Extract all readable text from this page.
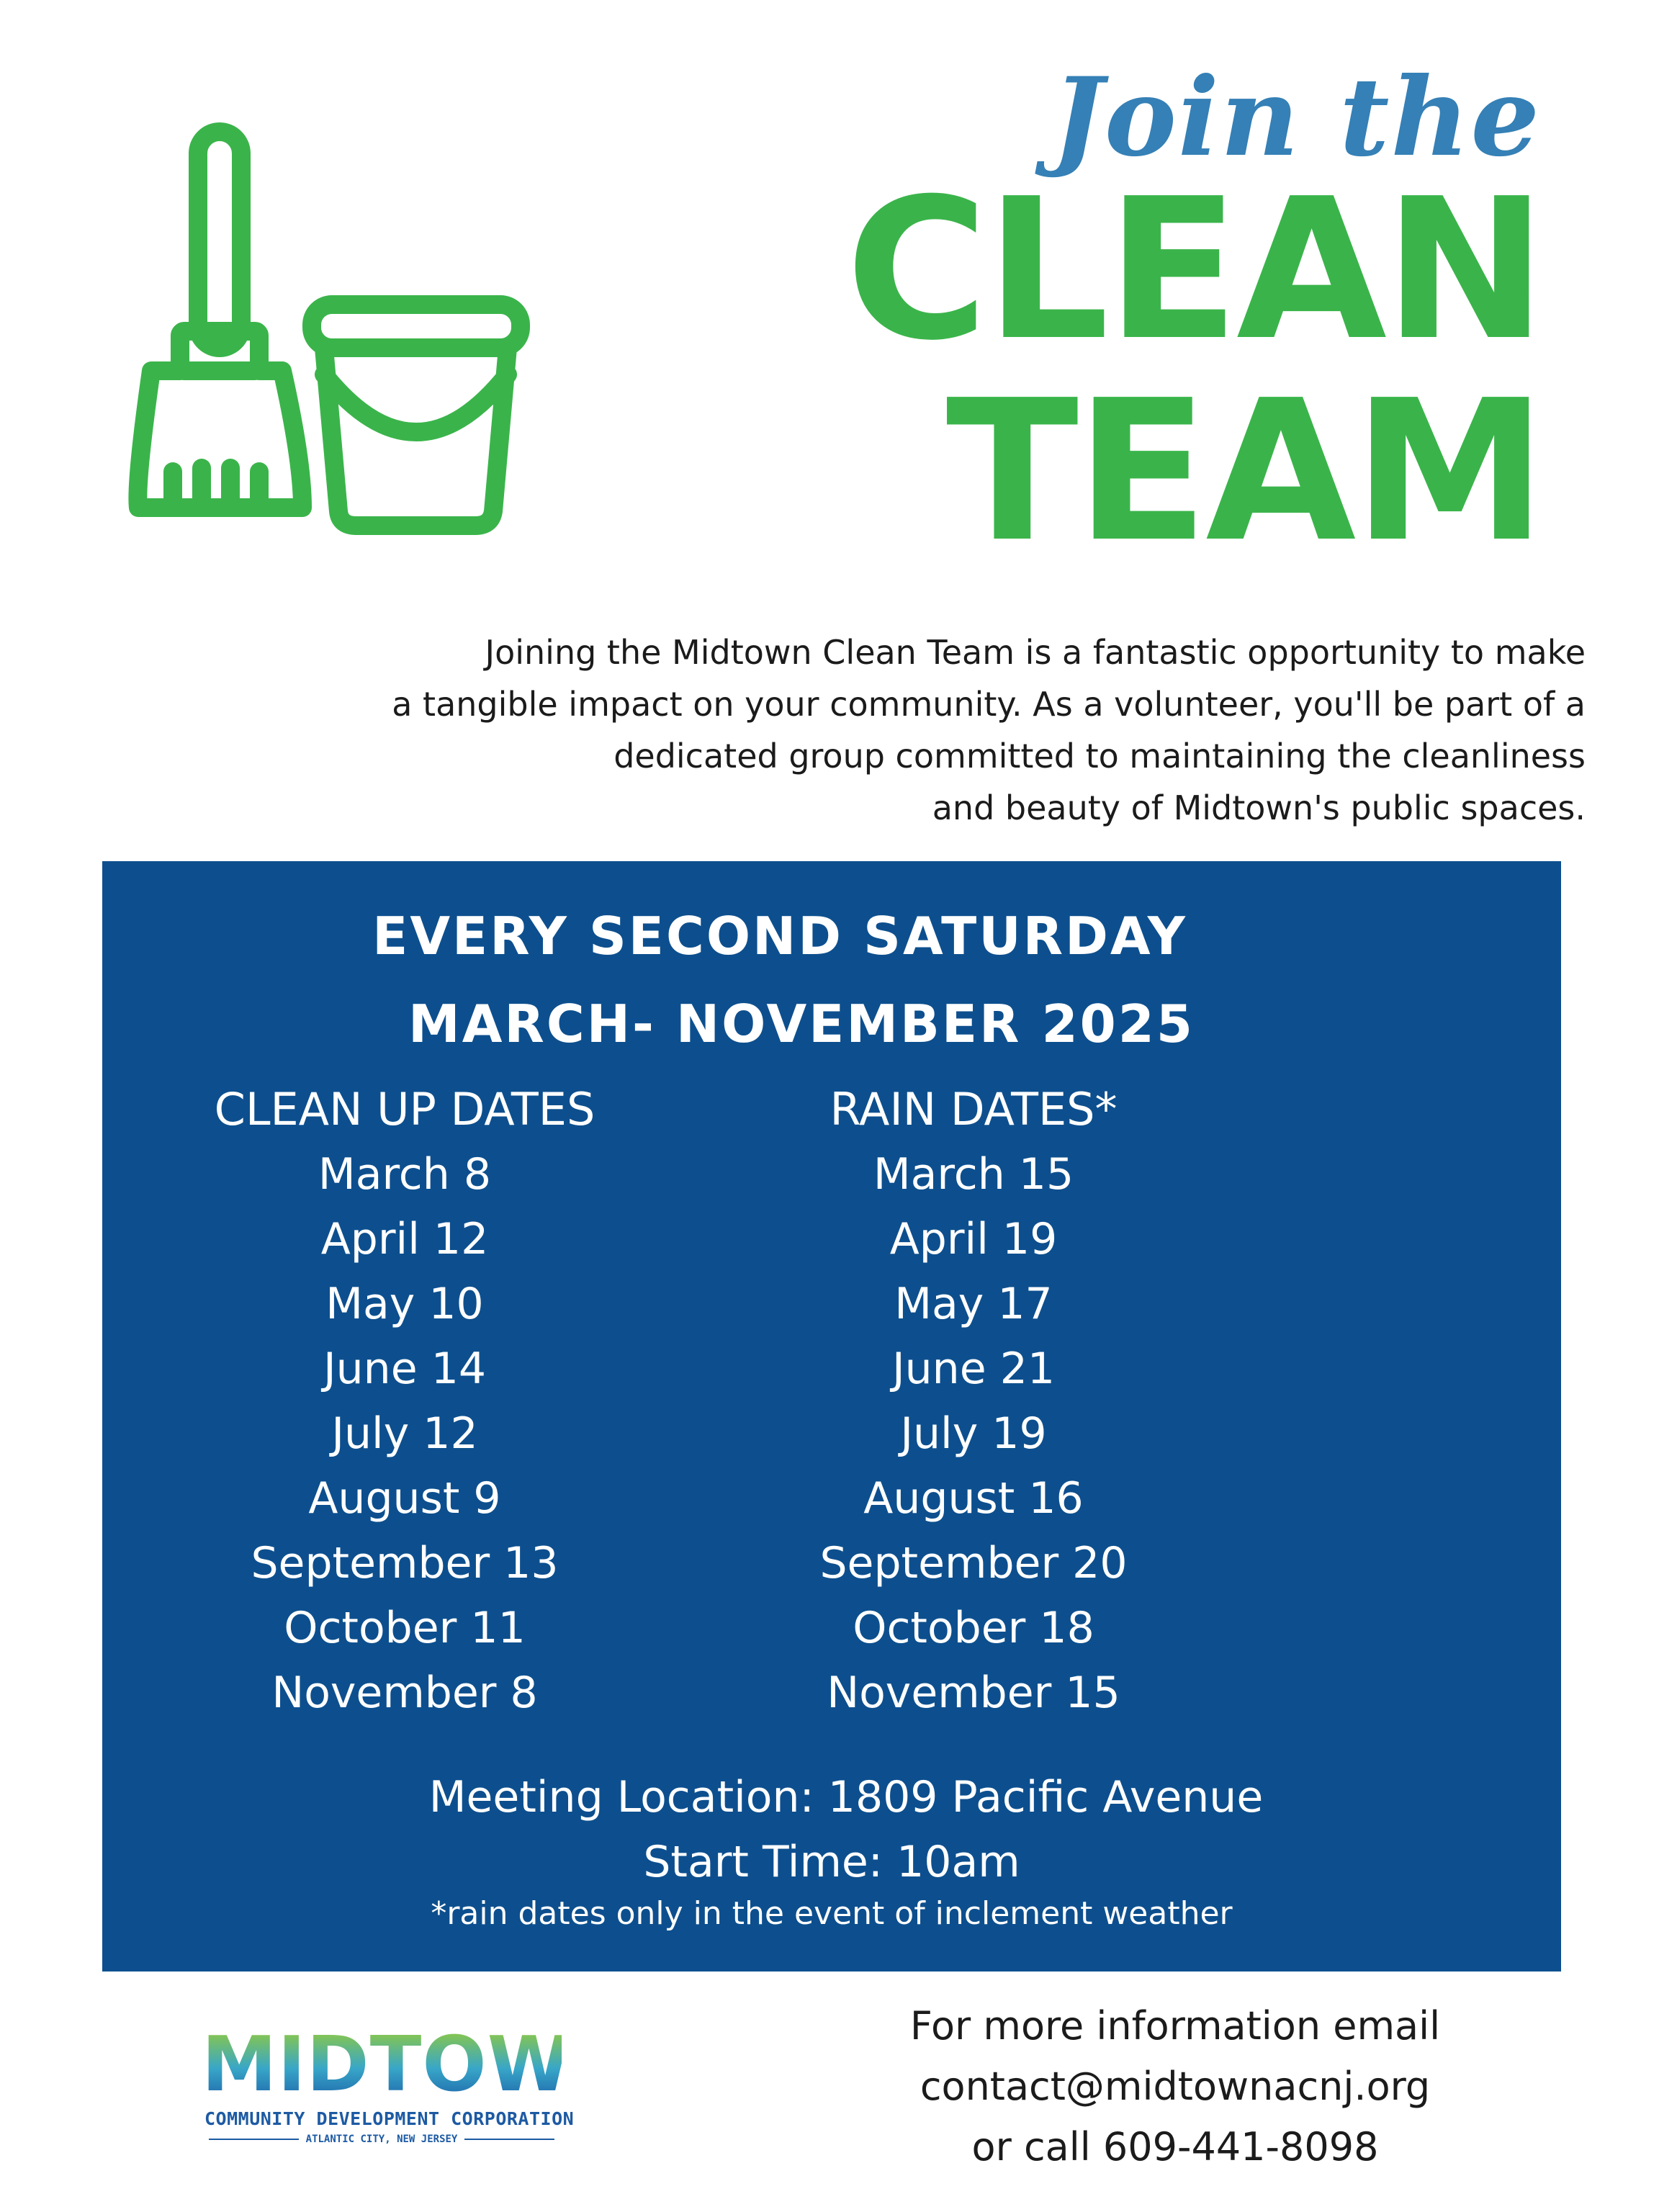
Join the
CLEAN
TEAM

Joining the Midtown Clean Team is a fantastic opportunity to make
a tangible impact on your community. As a volunteer, you'll be part of a
dedicated group committed to maintaining the cleanliness
and beauty of Midtown's public spaces.

EVERY SECOND SATURDAY
MARCH- NOVEMBER 2025
CLEAN UP DATES
March 8
April 12
May 10
June 14
July 12
August 9
September 13
October 11
November 8
RAIN DATES*
March 15
April 19
May 17
June 21
July 19
August 16
September 20
October 18
November 15
Meeting Location: 1809 Pacific Avenue
Start Time: 10am
*rain dates only in the event of inclement weather

MIDTOWN

COMMUNITY DEVELOPMENT CORPORATION

ATLANTIC CITY, NEW JERSEY

For more information email
contact@midtownacnj.org
or call 609-441-8098
